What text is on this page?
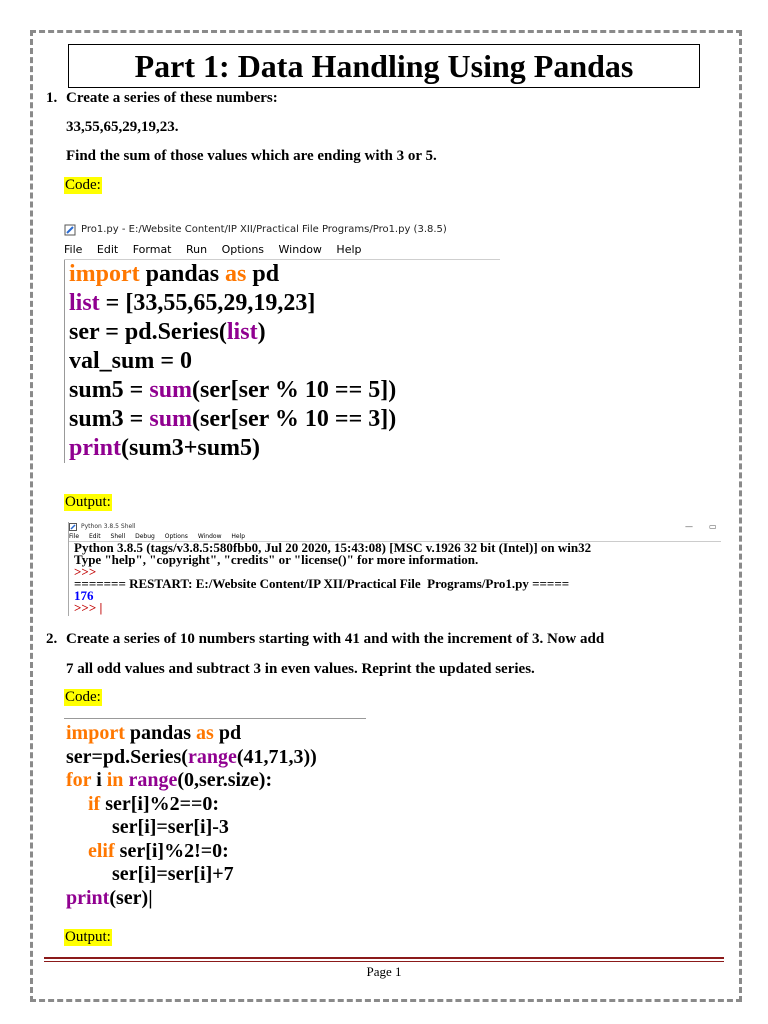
Part 1: Data Handling Using Pandas
1. Create a series of these numbers:
33,55,65,29,19,23.
Find the sum of those values which are ending with 3 or 5.
Code:
Pro1.py - E:/Website Content/IP XII/Practical File Programs/Pro1.py (3.8.5)
File Edit Format Run Options Window Help
import pandas as pd
list = [33,55,65,29,19,23]
ser = pd.Series(list)
val_sum = 0
sum5 = sum(ser[ser % 10 == 5])
sum3 = sum(ser[ser % 10 == 3])
print(sum3+sum5)
Output:
Python 3.8.5 Shell	— ▭
File Edit Shell Debug Options Window Help
Python 3.8.5 (tags/v3.8.5:580fbb0, Jul 20 2020, 15:43:08) [MSC v.1926 32 bit (Intel)] on win32
Type "help", "copyright", "credits" or "license()" for more information.
>>>
======= RESTART: E:/Website Content/IP XII/Practical File  Programs/Pro1.py =====
176
>>> |
2. Create a series of 10 numbers starting with 41 and with the increment of 3. Now add
7 all odd values and subtract 3 in even values. Reprint the updated series.
Code:
import pandas as pd
ser=pd.Series(range(41,71,3))
for i in range(0,ser.size):
if ser[i]%2==0:
ser[i]=ser[i]-3
elif ser[i]%2!=0:
ser[i]=ser[i]+7
print(ser)|
Output:
Page 1
